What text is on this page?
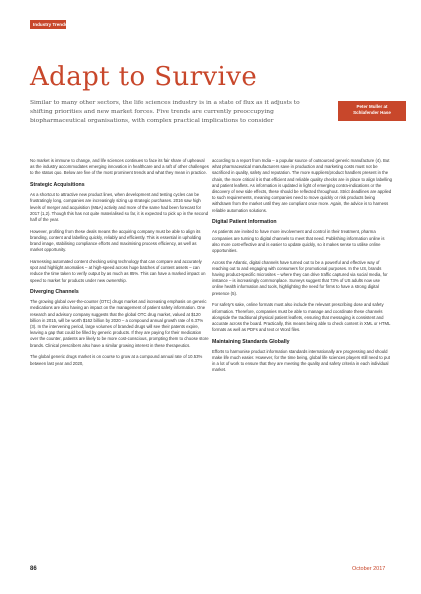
Industry Trends
Adapt to Survive

Similar to many other sectors, the life sciences industry is in a state of flux as it adjusts to shifting priorities and new market forces. Five trends are currently preoccupying biopharmaceutical organisations, with complex practical implications to consider

Peter Muller at
Schlafender Hase

No market is immune to change, and life sciences continues to face its fair share of upheaval as the industry accommodates emerging innovation in healthcare and a raft of other challenges to the status quo. Below are five of the most prominent trends and what they mean in practice.

Strategic Acquisitions

As a shortcut to attractive new product lines, when development and testing cycles can be frustratingly long, companies are increasingly sizing up strategic purchases. 2016 saw high levels of merger and acquisition (M&A) activity and more of the same had been forecast for 2017 (1,2). Though this has not quite materialised so far, it is expected to pick up in the second half of the year.

However, profiting from these deals means the acquiring company must be able to align its branding, content and labelling quickly, reliably and efficiently. This is essential in upholding brand image, stabilising compliance efforts and maximising process efficiency, as well as market opportunity.

Harnessing automated content checking using technology that can compare and accurately spot and highlight anomalies – at high-speed across huge batches of content assets – can reduce the time taken to verify output by as much as 85%. This can have a marked impact on speed to market for products under new ownership.

Diverging Channels

The growing global over-the-counter (OTC) drugs market and increasing emphasis on generic medications are also having an impact on the management of patient safety information. One research and advisory company suggests that the global OTC drug market, valued at $120 billion in 2015, will be worth $162 billion by 2020 – a compound annual growth rate of 6.37% (3). In the intervening period, large volumes of branded drugs will see their patents expire, leaving a gap that could be filled by generic products. If they are paying for their medication over the counter, patients are likely to be more cost-conscious, prompting them to choose store brands. Clinical prescribers also have a similar growing interest in these therapeutics.

The global generic drugs market is on course to grow at a compound annual rate of 10.53% between last year and 2020,

according to a report from India – a popular source of outsourced generic manufacture (4). But what pharmaceutical manufacturers save in production and marketing costs must not be sacrificed in quality, safety and reputation. The more suppliers/product handlers present in the chain, the more critical it is that efficient and reliable quality checks are in place to align labelling and patient leaflets. As information is updated in light of emerging contra-indications or the discovery of new side effects, these should be reflected throughout. Strict deadlines are applied to such requirements, meaning companies need to move quickly or risk products being withdrawn from the market until they are compliant once more. Again, the advice is to harness reliable automation solutions.

Digital Patient Information

As patients are invited to have more involvement and control in their treatment, pharma companies are turning to digital channels to meet that need. Publishing information online is also more cost-effective and is easier to update quickly, so it makes sense to utilise online opportunities.

Across the Atlantic, digital channels have turned out to be a powerful and effective way of reaching out to and engaging with consumers for promotional purposes. In the US, brands having product-specific microsites – where they can drive traffic captured via social media, for instance – is increasingly commonplace. Surveys suggest that 73% of US adults now use online health information and tools, highlighting the need for firms to have a strong digital presence (5).

For safety's sake, online formats must also include the relevant prescribing dose and safety information. Therefore, companies must be able to manage and coordinate these channels alongside the traditional physical patient leaflets, ensuring that messaging is consistent and accurate across the board. Practically, this means being able to check content in XML or HTML formats as well as PDFs and text or Word files.

Maintaining Standards Globally

Efforts to harmonise product information standards internationally are progressing and should make life much easier. However, for the time being, global life sciences players still need to put in a lot of work to ensure that they are meeting the quality and safety criteria in each individual market.

86	October 2017
